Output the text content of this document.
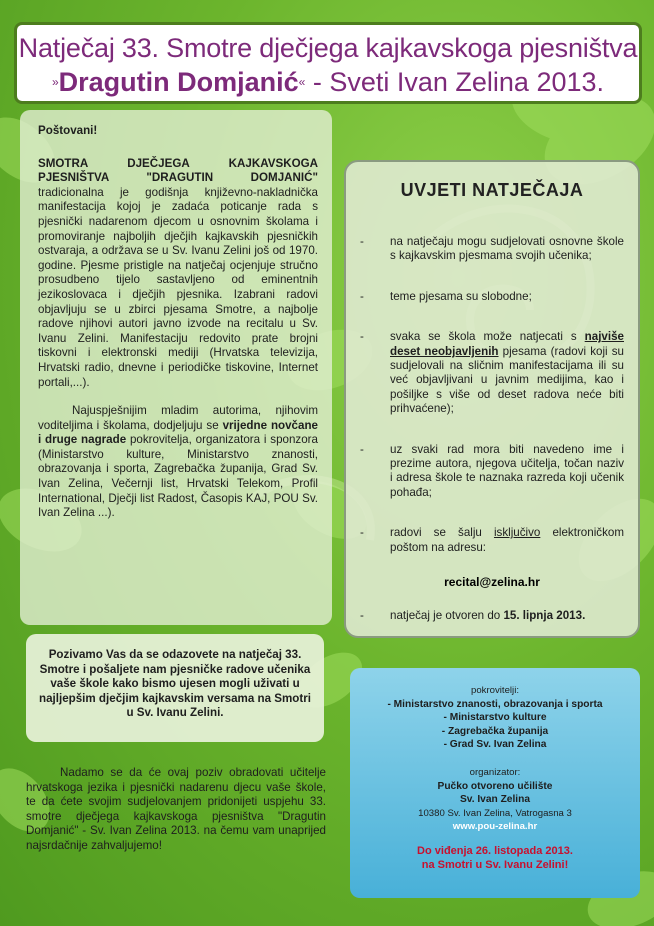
Natječaj 33. Smotre dječjega kajkavskoga pjesništva
»Dragutin Domjanić« - Sveti Ivan Zelina 2013.

Poštovani!

SMOTRA DJEČJEGA KAJKAVSKOGA PJESNIŠTVA "DRAGUTIN DOMJANIĆ" tradicionalna je godišnja književno-nakladnička manifestacija kojoj je zadaća poticanje rada s pjesnički nadarenom djecom u osnovnim školama i promoviranje najboljih dječjih kajkavskih pjesničkih ostvaraja, a održava se u Sv. Ivanu Zelini još od 1970. godine. Pjesme pristigle na natječaj ocjenjuje stručno prosudbeno tijelo sastavljeno od eminentnih jezikoslovaca i dječjih pjesnika. Izabrani radovi objavljuju se u zbirci pjesama Smotre, a najbolje radove njihovi autori javno izvode na recitalu u Sv. Ivanu Zelini. Manifestaciju redovito prate brojni tiskovni i elektronski mediji (Hrvatska televizija, Hrvatski radio, dnevne i periodičke tiskovine, Internet portali,...).

Najuspješnijim mladim autorima, njihovim voditeljima i školama, dodjeljuju se vrijedne novčane i druge nagrade pokrovitelja, organizatora i sponzora (Ministarstvo kulture, Ministarstvo znanosti, obrazovanja i sporta, Zagrebačka županija, Grad Sv. Ivan Zelina, Večernji list, Hrvatski Telekom, Profil International, Dječji list Radost, Časopis KAJ, POU Sv. Ivan Zelina ...).

Pozivamo Vas da se odazovete na natječaj 33. Smotre i pošaljete nam pjesničke radove učenika vaše škole kako bismo ujesen mogli uživati u najljepšim dječjim kajkavskim versama na Smotri u Sv. Ivanu Zelini.

Nadamo se da će ovaj poziv obradovati učitelje hrvatskoga jezika i pjesnički nadarenu djecu vaše škole, te da ćete svojim sudjelovanjem pridonijeti uspjehu 33. smotre dječjega kajkavskoga pjesništva "Dragutin Domjanić" - Sv. Ivan Zelina 2013. na čemu vam unaprijed najsrdačnije zahvaljujemo!

UVJETI NATJEČAJA
- na natječaju mogu sudjelovati osnovne škole s kajkavskim pjesmama svojih učenika;
- teme pjesama su slobodne;
- svaka se škola može natjecati s najviše deset neobjavljenih pjesama (radovi koji su sudjelovali na sličnim manifestacijama ili su već objavljivani u javnim medijima, kao i pošiljke s više od deset radova neće biti prihvaćene);
- uz svaki rad mora biti navedeno ime i prezime autora, njegova učitelja, točan naziv i adresa škole te naznaka razreda koji učenik pohađa;
- radovi se šalju isključivo elektroničkom poštom na adresu:
recital@zelina.hr
- natječaj je otvoren do 15. lipnja 2013.
pokrovitelji:
- Ministarstvo znanosti, obrazovanja i sporta
- Ministarstvo kulture
- Zagrebačka županija
- Grad Sv. Ivan Zelina
organizator:
Pučko otvoreno učilište
Sv. Ivan Zelina
10380 Sv. Ivan Zelina, Vatrogasna 3
www.pou-zelina.hr
Do viđenja 26. listopada 2013.
na Smotri u Sv. Ivanu Zelini!
